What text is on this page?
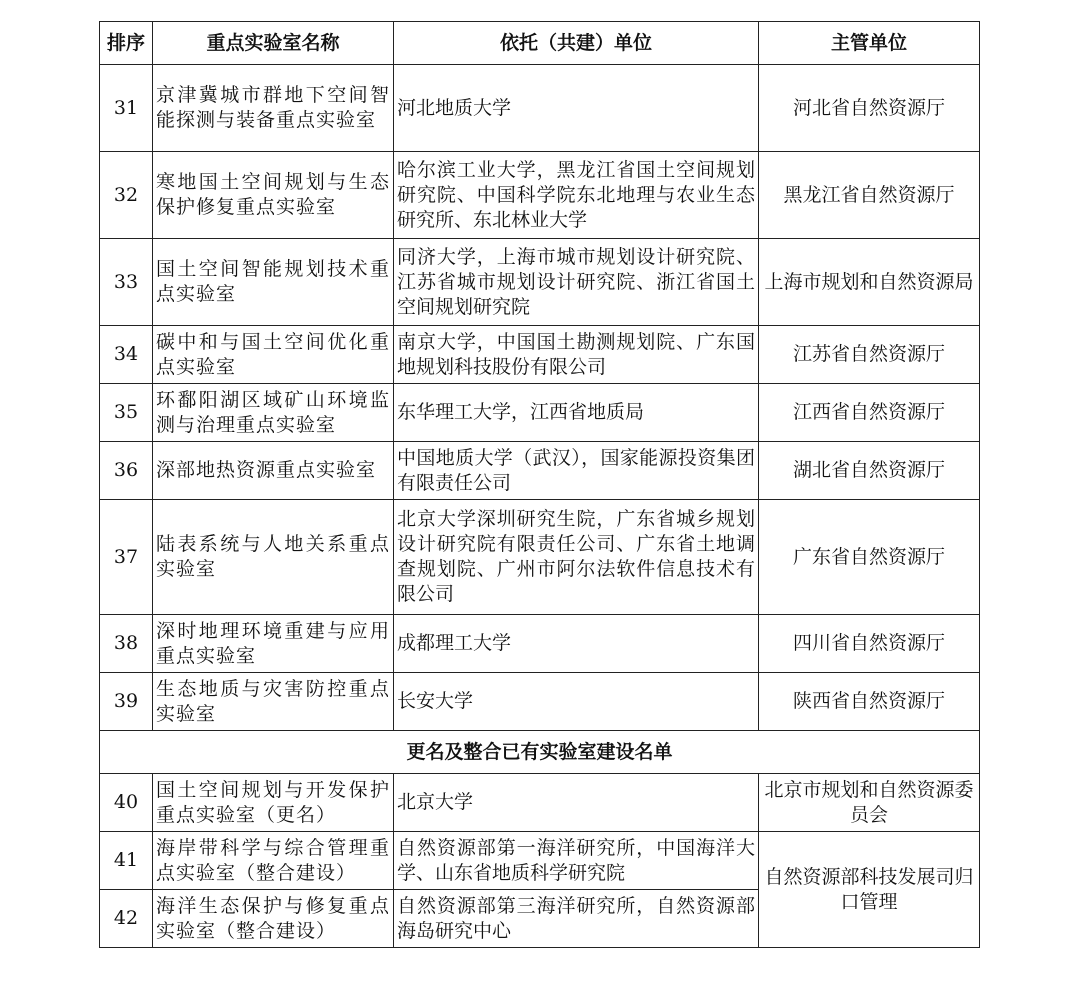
排序	重点实验室名称	依托（共建）单位	主管单位
31	京津冀城市群地下空间智能探测与装备重点实验室	河北地质大学	河北省自然资源厅
32	寒地国土空间规划与生态保护修复重点实验室	哈尔滨工业大学，黑龙江省国土空间规划研究院、中国科学院东北地理与农业生态研究所、东北林业大学	黑龙江省自然资源厅
33	国土空间智能规划技术重点实验室	同济大学，上海市城市规划设计研究院、江苏省城市规划设计研究院、浙江省国土空间规划研究院	上海市规划和自然资源局
34	碳中和与国土空间优化重点实验室	南京大学，中国国土勘测规划院、广东国地规划科技股份有限公司	江苏省自然资源厅
35	环鄱阳湖区域矿山环境监测与治理重点实验室	东华理工大学，江西省地质局	江西省自然资源厅
36	深部地热资源重点实验室	中国地质大学（武汉），国家能源投资集团有限责任公司	湖北省自然资源厅
37	陆表系统与人地关系重点实验室	北京大学深圳研究生院，广东省城乡规划设计研究院有限责任公司、广东省土地调查规划院、广州市阿尔法软件信息技术有限公司	广东省自然资源厅
38	深时地理环境重建与应用重点实验室	成都理工大学	四川省自然资源厅
39	生态地质与灾害防控重点实验室	长安大学	陕西省自然资源厅
更名及整合已有实验室建设名单			
40	国土空间规划与开发保护重点实验室（更名）	北京大学	北京市规划和自然资源委员会
41	海岸带科学与综合管理重点实验室（整合建设）	自然资源部第一海洋研究所，中国海洋大学、山东省地质科学研究院	自然资源部科技发展司归口管理
42	海洋生态保护与修复重点实验室（整合建设）	自然资源部第三海洋研究所，自然资源部海岛研究中心	
